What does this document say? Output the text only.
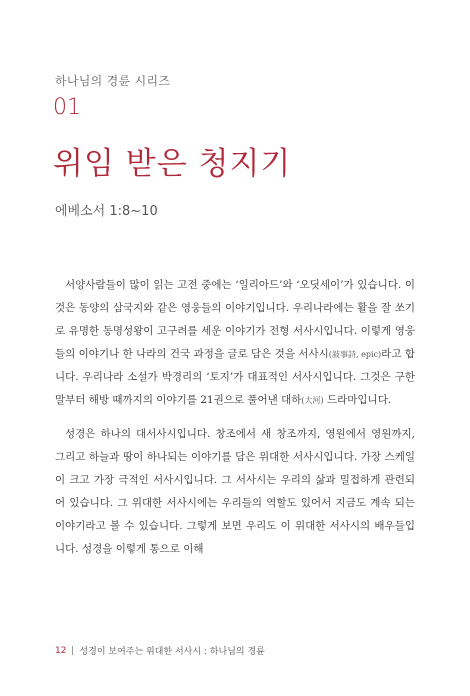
하나님의 경륜 시리즈
01
위임 받은 청지기
에베소서 1:8~10

서양사람들이 많이 읽는 고전 중에는 ‘일리아드’와 ‘오딧세이’가 있습니다. 이것은 동양의 삼국지와 같은 영웅들의 이야기입니다. 우리나라에는 활을 잘 쏘기로 유명한 동명성왕이 고구려를 세운 이야기가 전형 서사시입니다. 이렇게 영웅들의 이야기나 한 나라의 건국 과정을 글로 담은 것을 서사시(敍事詩, epic)라고 합니다. 우리나라 소설가 박경리의 ‘토지’가 대표적인 서사시입니다. 그것은 구한말부터 해방 때까지의 이야기를 21권으로 풀어낸 대하(大河) 드라마입니다.

성경은 하나의 대서사시입니다. 창조에서 새 창조까지, 영원에서 영원까지, 그리고 하늘과 땅이 하나되는 이야기를 담은 위대한 서사시입니다. 가장 스케일이 크고 가장 극적인 서사시입니다. 그 서사시는 우리의 삶과 밀접하게 관련되어 있습니다. 그 위대한 서사시에는 우리들의 역할도 있어서 지금도 계속 되는 이야기라고 볼 수 있습니다. 그렇게 보면 우리도 이 위대한 서사시의 배우들입니다. 성경을 이렇게 통으로 이해

12 성경이 보여주는 위대한 서사시 : 하나님의 경륜
